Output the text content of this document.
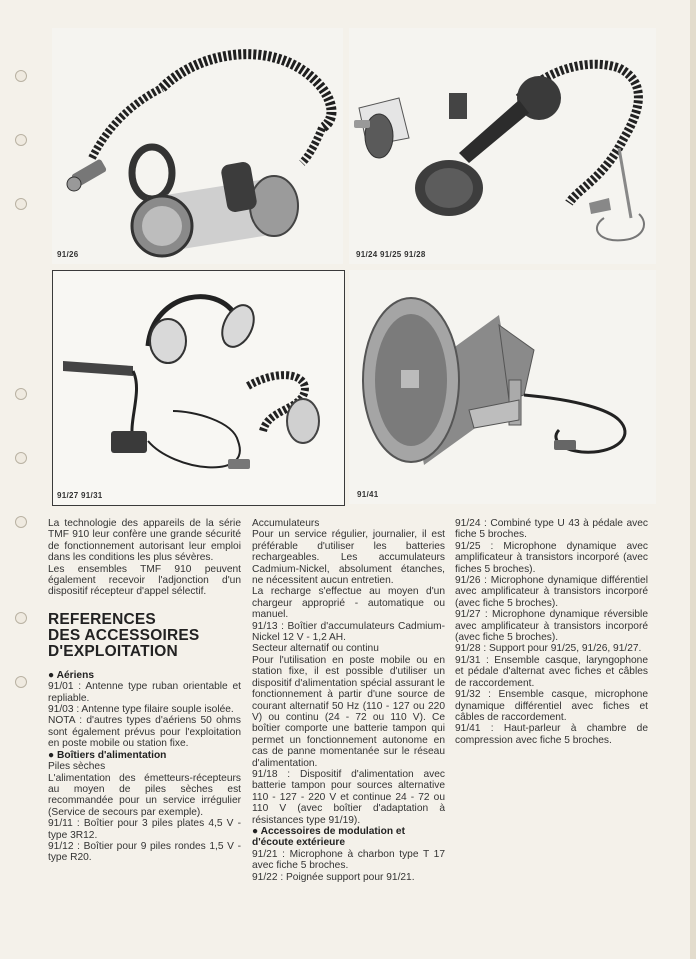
91/26	91/24 91/25 91/28
91/27 91/31	91/41

La technologie des appareils de la série TMF 910 leur confère une grande sécurité de fonctionnement autorisant leur emploi dans les conditions les plus sévères.

Les ensembles TMF 910 peuvent également recevoir l'adjonction d'un dispositif récepteur d'appel sélectif.

REFERENCES
DES ACCESSOIRES
D'EXPLOITATION

● Aériens

91/01 : Antenne type ruban orientable et repliable.

91/03 : Antenne type filaire souple isolée.

NOTA : d'autres types d'aériens 50 ohms sont également prévus pour l'exploitation en poste mobile ou station fixe.

● Boîtiers d'alimentation

Piles sèches

L'alimentation des émetteurs-récepteurs au moyen de piles sèches est recommandée pour un service irrégulier (Service de secours par exemple).

91/11 : Boîtier pour 3 piles plates 4,5 V - type 3R12.

91/12 : Boîtier pour 9 piles rondes 1,5 V - type R20.

Accumulateurs

Pour un service régulier, journalier, il est préférable d'utiliser les batteries rechargeables. Les accumulateurs Cadmium-Nickel, absolument étanches, ne nécessitent aucun entretien.

La recharge s'effectue au moyen d'un chargeur approprié - automatique ou manuel.

91/13 : Boîtier d'accumulateurs Cadmium-Nickel 12 V - 1,2 AH.

Secteur alternatif ou continu

Pour l'utilisation en poste mobile ou en station fixe, il est possible d'utiliser un dispositif d'alimentation spécial assurant le fonctionnement à partir d'une source de courant alternatif 50 Hz (110 - 127 ou 220 V) ou continu (24 - 72 ou 110 V). Ce boîtier comporte une batterie tampon qui permet un fonctionnement autonome en cas de panne momentanée sur le réseau d'alimentation.

91/18 : Dispositif d'alimentation avec batterie tampon pour sources alternative 110 - 127 - 220 V et continue 24 - 72 ou 110 V (avec boîtier d'adaptation à résistances type 91/19).

● Accessoires de modulation et d'écoute extérieure

91/21 : Microphone à charbon type T 17 avec fiche 5 broches.

91/22 : Poignée support pour 91/21.

91/24 : Combiné type U 43 à pédale avec fiche 5 broches.

91/25 : Microphone dynamique avec amplificateur à transistors incorporé (avec fiches 5 broches).

91/26 : Microphone dynamique différentiel avec amplificateur à transistors incorporé (avec fiche 5 broches).

91/27 : Microphone dynamique réversible avec amplificateur à transistors incorporé (avec fiche 5 broches).

91/28 : Support pour 91/25, 91/26, 91/27.

91/31 : Ensemble casque, laryngophone et pédale d'alternat avec fiches et câbles de raccordement.

91/32 : Ensemble casque, microphone dynamique différentiel avec fiches et câbles de raccordement.

91/41 : Haut-parleur à chambre de compression avec fiche 5 broches.
